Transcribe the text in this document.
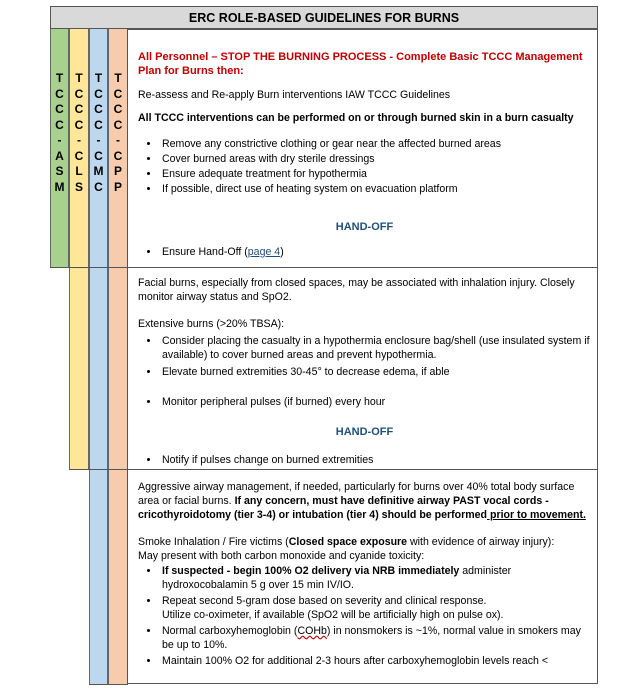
ERC ROLE-BASED GUIDELINES FOR BURNS
T
C
C
C
-
A
S
M
T
C
C
C
-
C
L
S
T
C
C
C
-
C
M
C
T
C
C
C
-
C
P
P
All Personnel – STOP THE BURNING PROCESS - Complete Basic TCCC Management Plan for Burns then:
Re-assess and Re-apply Burn interventions IAW TCCC Guidelines
All TCCC interventions can be performed on or through burned skin in a burn casualty
• Remove any constrictive clothing or gear near the affected burned areas
• Cover burned areas with dry sterile dressings
• Ensure adequate treatment for hypothermia
• If possible, direct use of heating system on evacuation platform
HAND-OFF
• Ensure Hand-Off (page 4)
Facial burns, especially from closed spaces, may be associated with inhalation injury. Closely monitor airway status and SpO2.
Extensive burns (>20% TBSA):
• Consider placing the casualty in a hypothermia enclosure bag/shell (use insulated system if available) to cover burned areas and prevent hypothermia.
• Elevate burned extremities 30-45° to decrease edema, if able
• Monitor peripheral pulses (if burned) every hour
HAND-OFF
• Notify if pulses change on burned extremities
Aggressive airway management, if needed, particularly for burns over 40% total body surface area or facial burns. If any concern, must have definitive airway PAST vocal cords - cricothyroidotomy (tier 3-4) or intubation (tier 4) should be performed prior to movement.
Smoke Inhalation / Fire victims (Closed space exposure with evidence of airway injury):
May present with both carbon monoxide and cyanide toxicity:
• If suspected - begin 100% O2 delivery via NRB immediately administer hydroxocobalamin 5 g over 15 min IV/IO.
• Repeat second 5-gram dose based on severity and clinical response.
Utilize co-oximeter, if available (SpO2 will be artificially high on pulse ox).
• Normal carboxyhemoglobin (COHb) in nonsmokers is ~1%, normal value in smokers may be up to 10%.
• Maintain 100% O2 for additional 2-3 hours after carboxyhemoglobin levels reach <
